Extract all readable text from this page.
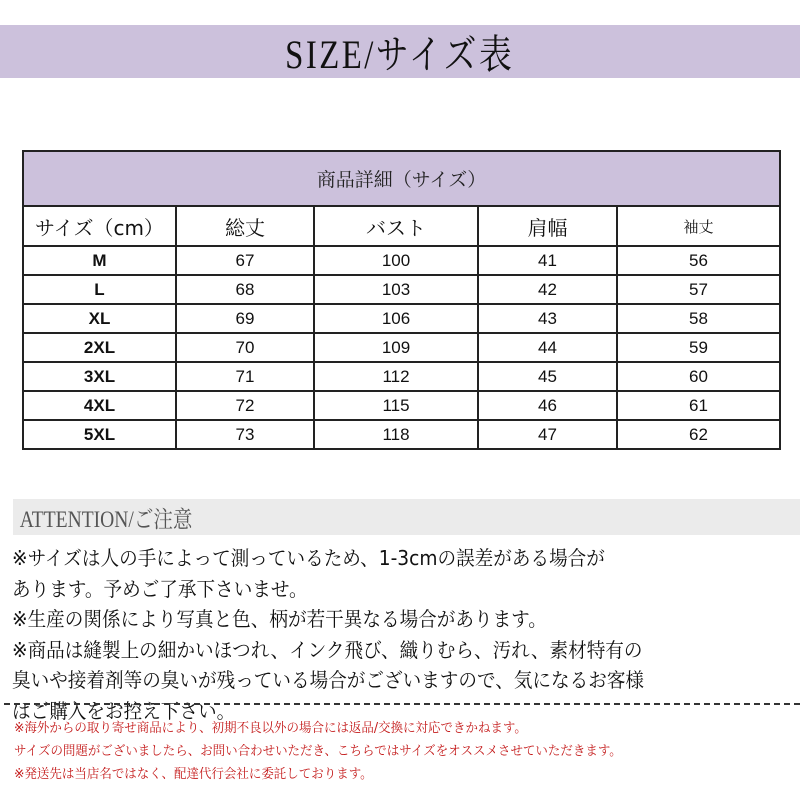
SIZE/サイズ表
商品詳細（サイズ）				
サイズ（cm）	総丈	バスト	肩幅	袖丈
M	67	100	41	56
L	68	103	42	57
XL	69	106	43	58
2XL	70	109	44	59
3XL	71	112	45	60
4XL	72	115	46	61
5XL	73	118	47	62
ATTENTION/ご注意

※サイズは人の手によって測っているため、1-3cmの誤差がある場合が

あります。予めご了承下さいませ。

※生産の関係により写真と色、柄が若干異なる場合があります。

※商品は縫製上の細かいほつれ、インク飛び、織りむら、汚れ、素材特有の

臭いや接着剤等の臭いが残っている場合がございますので、気になるお客様

はご購入をお控え下さい。

※海外からの取り寄せ商品により、初期不良以外の場合には返品/交換に対応できかねます。

サイズの問題がございましたら、お問い合わせいただき、こちらではサイズをオススメさせていただきます。

※発送先は当店名ではなく、配達代行会社に委託しております。
